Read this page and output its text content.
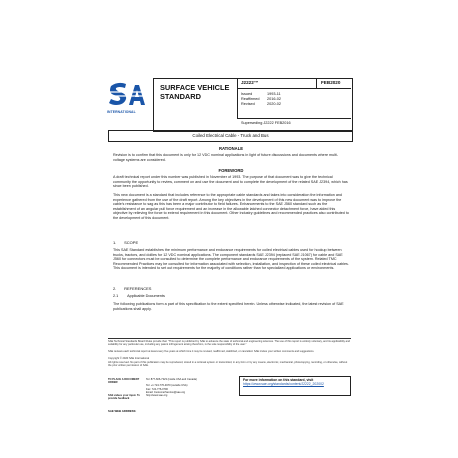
INTERNATIONAL
SURFACE VEHICLE
STANDARD
J2222™	FEB2020
Issued	1993-11
Reaffirmed	2016-02
Revised	2020-02
Superseding J2222 FEB2016
Coiled Electrical Cable - Truck and Bus
RATIONALE
Revision is to confirm that this document is only for 12 VDC nominal applications in light of future discussions and documents where multi-voltage systems are considered.
FOREWORD
A draft technical report under this number was published in November of 1993. The purpose of that document was to give the technical community the opportunity to review, comment on and use the document and to complete the development of the related SAE J2394, which has since been published.
This new document is a standard that includes reference to the appropriate cable standards and takes into consideration the information and experience gathered from the use of the draft report. Among the key objectives in the development of this new document was to improve the cable's resistance to sag as this has been a major contributor to field failures. Enhancements to the SAE J560 standard such as the establishment of an angular pull force requirement and an increase in the allowable latched connector detachment force, have aided this objective by relieving the force to extend requirement in this document. Other industry guidelines and recommended practices also contributed to the development of this document.
1. SCOPE
This SAE Standard establishes the minimum performance and endurance requirements for coiled electrical cables used for hookup between trucks, tractors, and dollies for 12 VDC nominal applications. The component standards SAE J2394 (replaced SAE J1067) for cable and SAE J560 for connectors must be consulted to determine the complete performance and endurance requirements of the system. Related TMC Recommended Practices may be consulted for information associated with selection, installation, and inspection of these coiled electrical cables. This document is intended to set out requirements for the majority of conditions rather than for specialized applications or environments.
2. REFERENCES
2.1 Applicable Documents
The following publications form a part of this specification to the extent specified herein. Unless otherwise indicated, the latest revision of SAE publications shall apply.
SAE Technical Standards Board Rules provide that: "This report is published by SAE to advance the state of technical and engineering sciences. The use of this report is entirely voluntary, and its applicability and suitability for any particular use, including any patent infringement arising therefrom, is the sole responsibility of the user."
SAE reviews each technical report at least every five years at which time it may be revised, reaffirmed, stabilized, or cancelled. SAE invites your written comments and suggestions.
Copyright © 2020 SAE International
All rights reserved. No part of this publication may be reproduced, stored in a retrieval system or transmitted, in any form or by any means, electronic, mechanical, photocopying, recording, or otherwise, without the prior written permission of SAE.
TO PLACE A DOCUMENT ORDER:
Tel: 877-606-7323 (inside USA and Canada)
Tel: +1 724-776-4970 (outside USA)
Fax: 724-776-0790
Email: CustomerService@sae.org
SAE values your input. To provide feedback
http://www.sae.org
For more information on this standard, visit
https://www.sae.org/standards/content/J2222_202002
SAE WEB ADDRESS:
